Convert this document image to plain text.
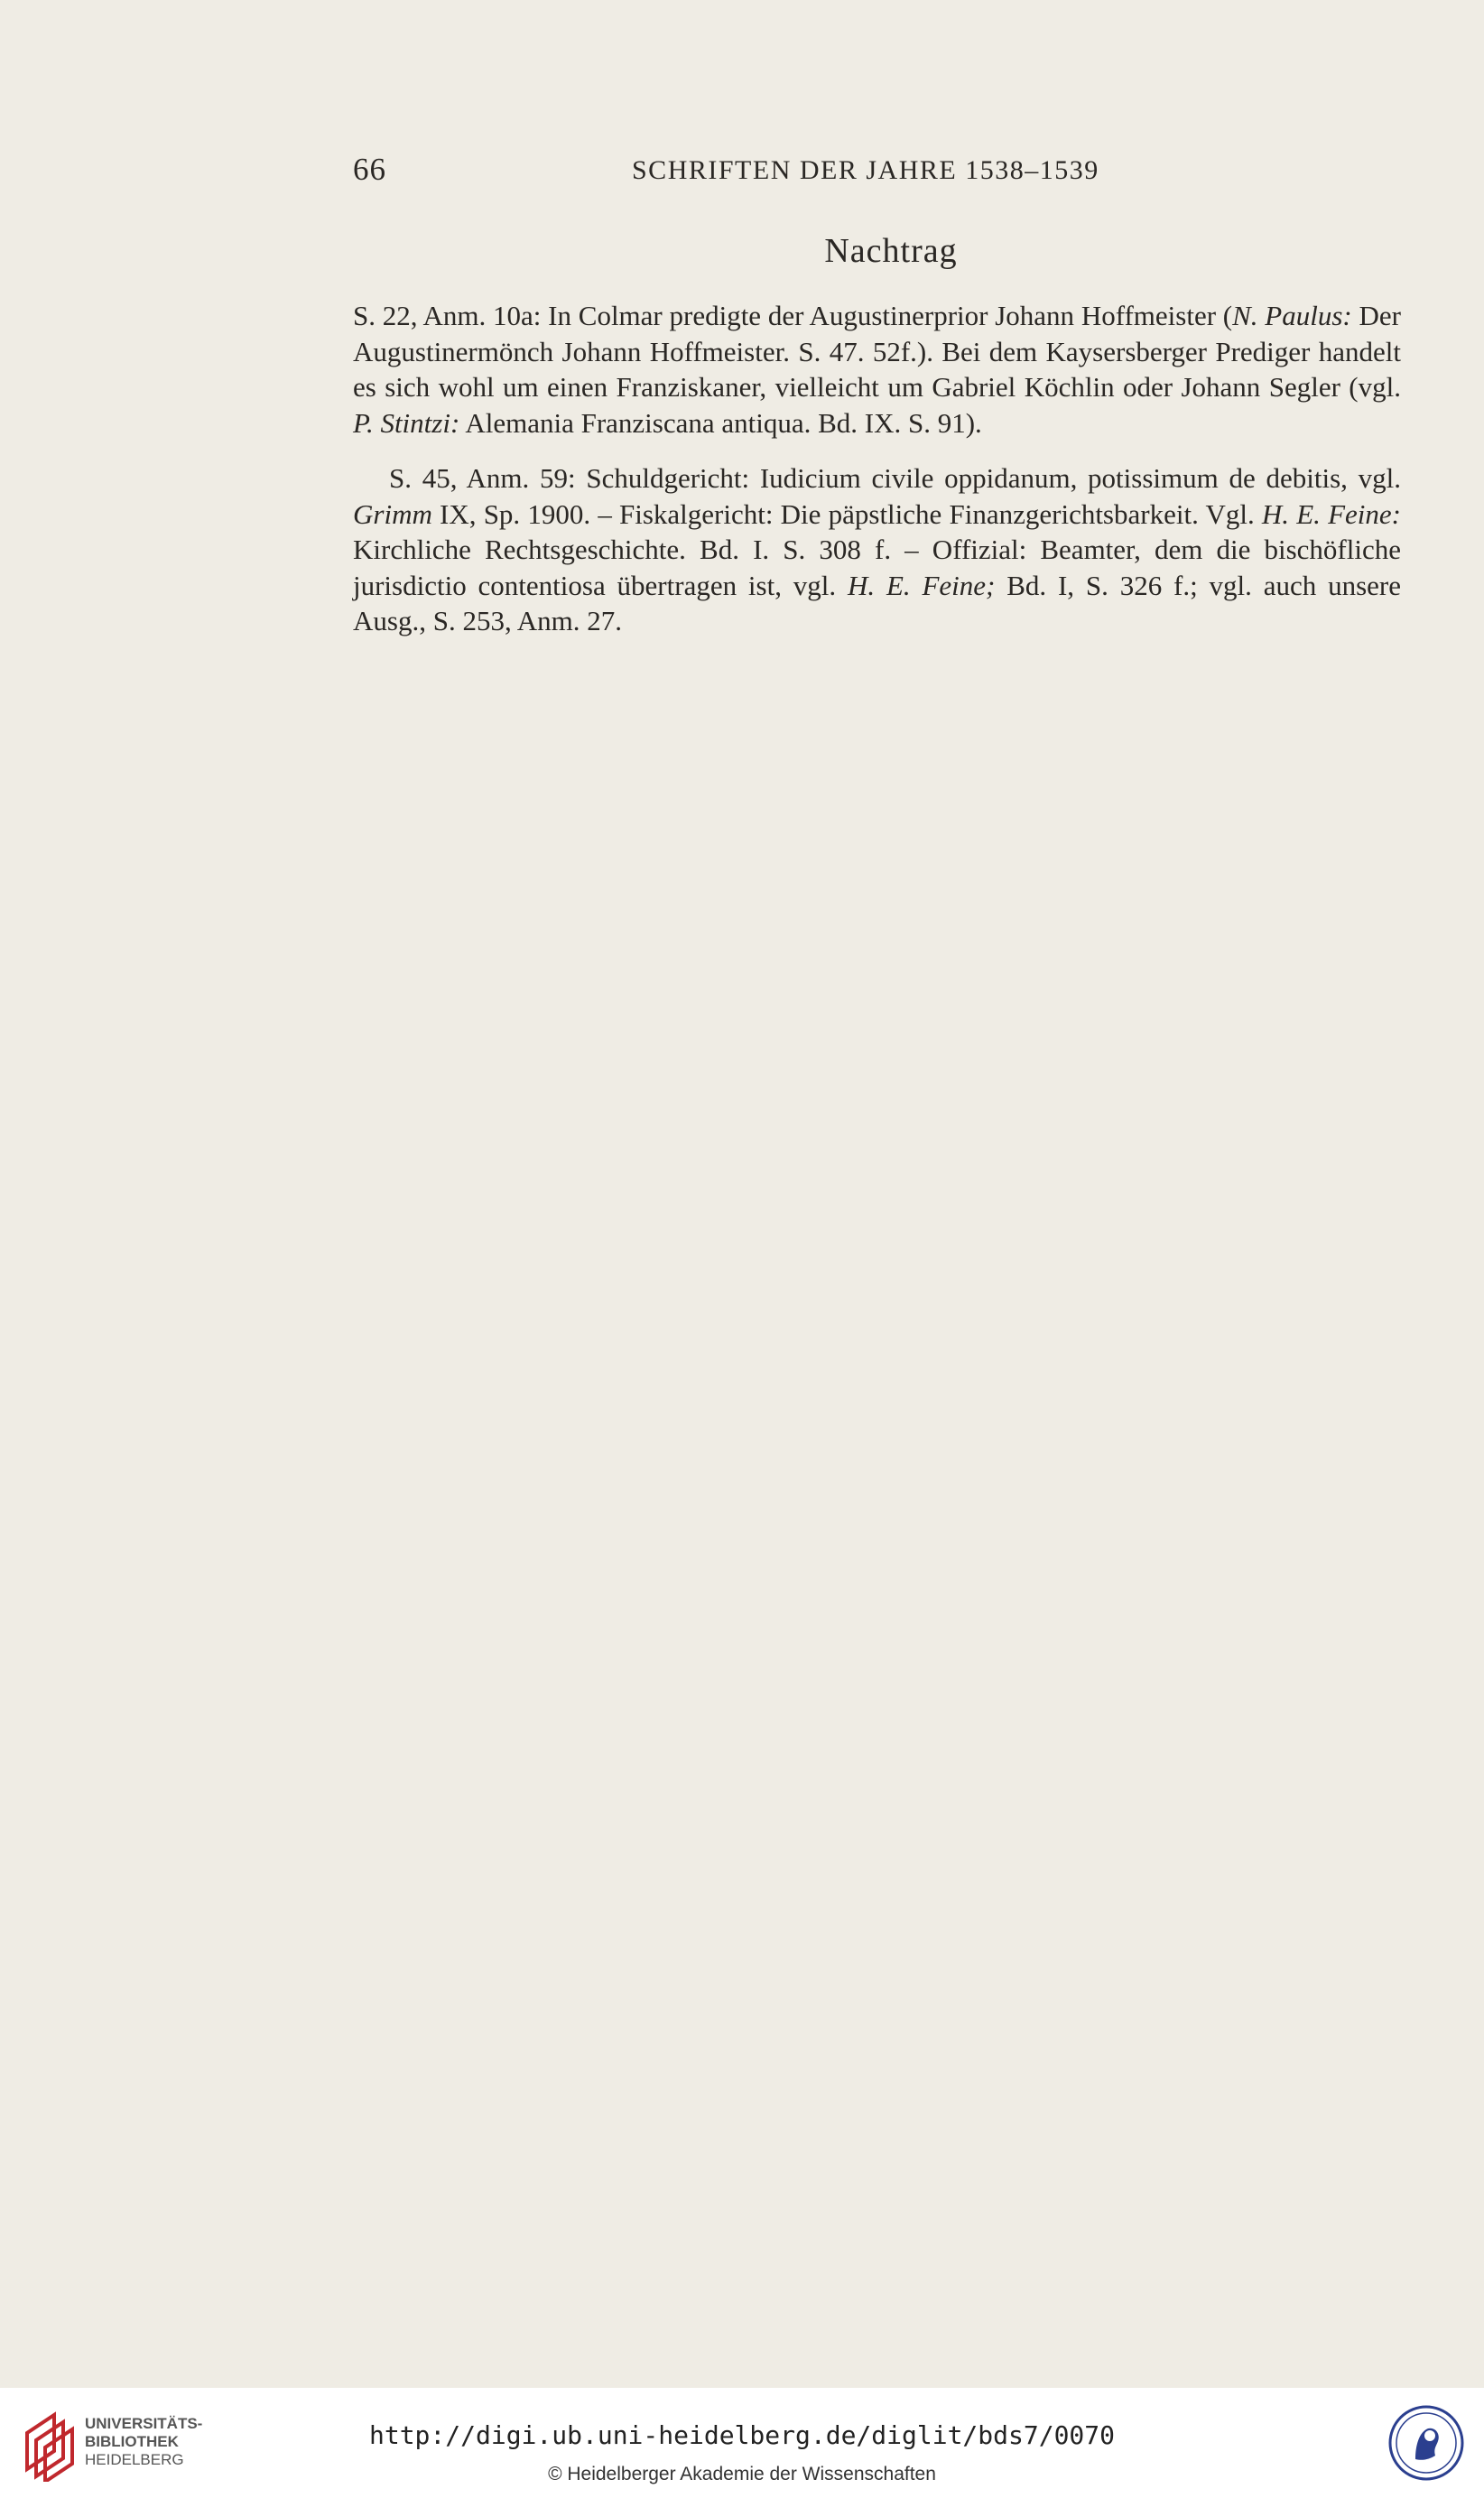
66	SCHRIFTEN DER JAHRE 1538–1539
Nachtrag

S. 22, Anm. 10a: In Colmar predigte der Augustinerprior Johann Hoffmeister (N. Paulus: Der Augustinermönch Johann Hoffmeister. S. 47. 52f.). Bei dem Kaysersberger Prediger handelt es sich wohl um einen Franziskaner, vielleicht um Gabriel Köchlin oder Johann Segler (vgl. P. Stintzi: Alemania Franziscana antiqua. Bd. IX. S. 91).

S. 45, Anm. 59: Schuldgericht: Iudicium civile oppidanum, potissimum de debitis, vgl. Grimm IX, Sp. 1900. – Fiskalgericht: Die päpstliche Finanzgerichtsbarkeit. Vgl. H. E. Feine: Kirchliche Rechtsgeschichte. Bd. I. S. 308 f. – Offizial: Beamter, dem die bischöfliche jurisdictio contentiosa übertragen ist, vgl. H. E. Feine; Bd. I, S. 326 f.; vgl. auch unsere Ausg., S. 253, Anm. 27.

UNIVERSITÄTS-
BIBLIOTHEK
HEIDELBERG
http://digi.ub.uni-heidelberg.de/diglit/bds7/0070
© Heidelberger Akademie der Wissenschaften
